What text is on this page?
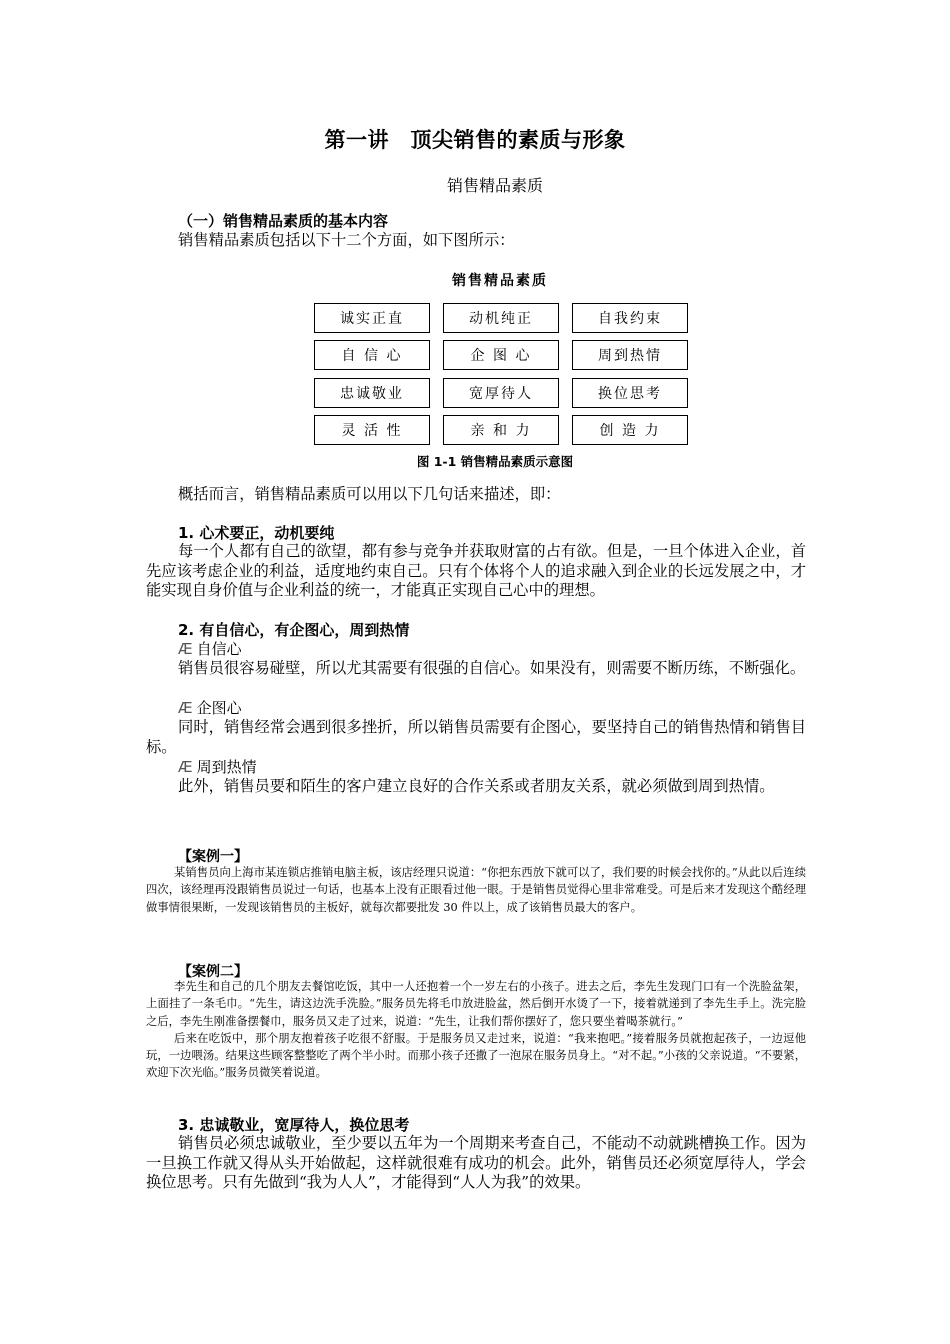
第一讲　顶尖销售的素质与形象
销售精品素质
（一）销售精品素质的基本内容

销售精品素质包括以下十二个方面，如下图所示：

销售精品素质
诚实正直	动机纯正	自我约束
自 信 心	企 图 心	周到热情
忠诚敬业	宽厚待人	换位思考
灵 活 性	亲 和 力	创 造 力
图 1-1 销售精品素质示意图

概括而言，销售精品素质可以用以下几句话来描述，即：

1. 心术要正，动机要纯

每一个人都有自己的欲望，都有参与竞争并获取财富的占有欲。但是，一旦个体进入企业，首先应该考虑企业的利益，适度地约束自己。只有个体将个人的追求融入到企业的长远发展之中，才能实现自身价值与企业利益的统一，才能真正实现自己心中的理想。

2. 有自信心，有企图心，周到热情
Æ 自信心

销售员很容易碰壁，所以尤其需要有很强的自信心。如果没有，则需要不断历练，不断强化。

Æ 企图心

同时，销售经常会遇到很多挫折，所以销售员需要有企图心，要坚持自己的销售热情和销售目标。

Æ 周到热情

此外，销售员要和陌生的客户建立良好的合作关系或者朋友关系，就必须做到周到热情。

【案例一】

某销售员向上海市某连锁店推销电脑主板，该店经理只说道：“你把东西放下就可以了，我们要的时候会找你的。”从此以后连续四次，该经理再没跟销售员说过一句话，也基本上没有正眼看过他一眼。于是销售员觉得心里非常难受。可是后来才发现这个酷经理做事情很果断，一发现该销售员的主板好，就每次都要批发 30 件以上，成了该销售员最大的客户。

【案例二】

李先生和自己的几个朋友去餐馆吃饭，其中一人还抱着一个一岁左右的小孩子。进去之后，李先生发现门口有一个洗脸盆架，上面挂了一条毛巾。“先生，请这边洗手洗脸。”服务员先将毛巾放进脸盆，然后倒开水烫了一下，接着就递到了李先生手上。洗完脸之后，李先生刚准备摆餐巾，服务员又走了过来，说道：“先生，让我们帮你摆好了，您只要坐着喝茶就行。”

后来在吃饭中，那个朋友抱着孩子吃很不舒服。于是服务员又走过来，说道：“我来抱吧。”接着服务员就抱起孩子，一边逗他玩，一边喂汤。结果这些顾客整整吃了两个半小时。而那小孩子还撒了一泡尿在服务员身上。“对不起。”小孩的父亲说道。“不要紧，欢迎下次光临。”服务员微笑着说道。

3. 忠诚敬业，宽厚待人，换位思考

销售员必须忠诚敬业，至少要以五年为一个周期来考查自己，不能动不动就跳槽换工作。因为一旦换工作就又得从头开始做起，这样就很难有成功的机会。此外，销售员还必须宽厚待人，学会换位思考。只有先做到“我为人人”，才能得到“人人为我”的效果。
